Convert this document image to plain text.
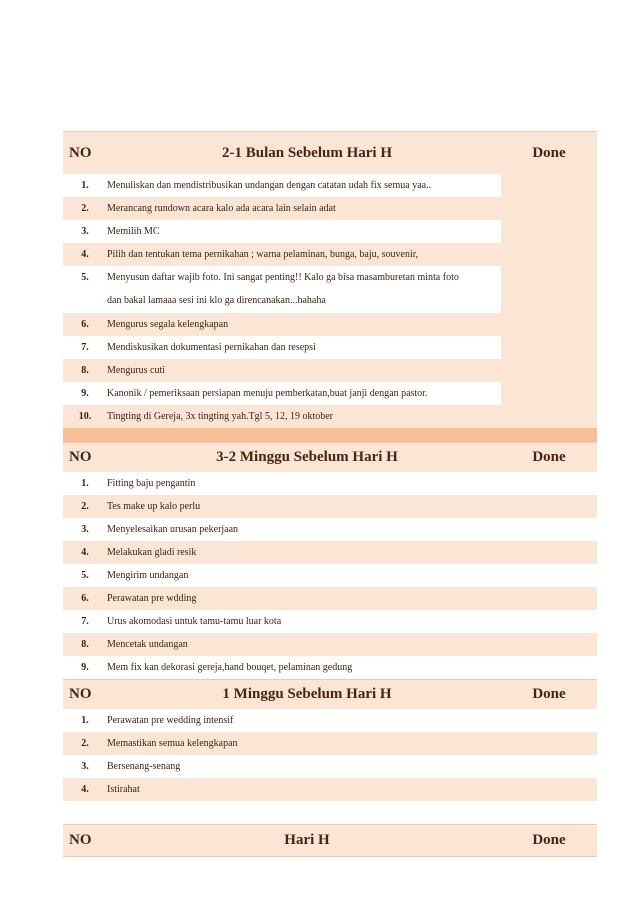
NO	2-1 Bulan Sebelum Hari H	Done
1.	Menuliskan dan mendistribusikan undangan dengan catatan udah fix semua yaa..
2.	Merancang rundown acara kalo ada acara lain selain adat
3.	Memilih MC
4.	Pilih dan tentukan tema pernikahan ; warna pelaminan, bunga, baju, souvenir,
5.	Menyusun daftar wajib foto. Ini sangat penting!! Kalo ga bisa masamburetan minta foto
dan bakal lamaaa sesi ini klo ga direncanakan...hahaha
6.	Mengurus segala kelengkapan
7.	Mendiskusikan dokumentasi pernikahan dan resepsi
8.	Mengurus cuti
9.	Kanonik / pemeriksaan persiapan menuju pemberkatan,buat janji dengan pastor.
10.	Tingting di Gereja, 3x tingting yah.Tgl 5, 12, 19 oktober
NO	3-2 Minggu Sebelum Hari H	Done
1.	Fitting baju pengantin
2.	Tes make up kalo perlu
3.	Menyelesaikan urusan pekerjaan
4.	Melakukan gladi resik
5.	Mengirim undangan
6.	Perawatan pre wdding
7.	Urus akomodasi untuk tamu-tamu luar kota
8.	Mencetak undangan
9.	Mem fix kan dekorasi gereja,hand bouqet, pelaminan gedung
NO	1 Minggu Sebelum Hari H	Done
1.	Perawatan pre wedding intensif
2.	Memastikan semua kelengkapan
3.	Bersenang-senang
4.	Istirahat
NO	Hari H	Done
